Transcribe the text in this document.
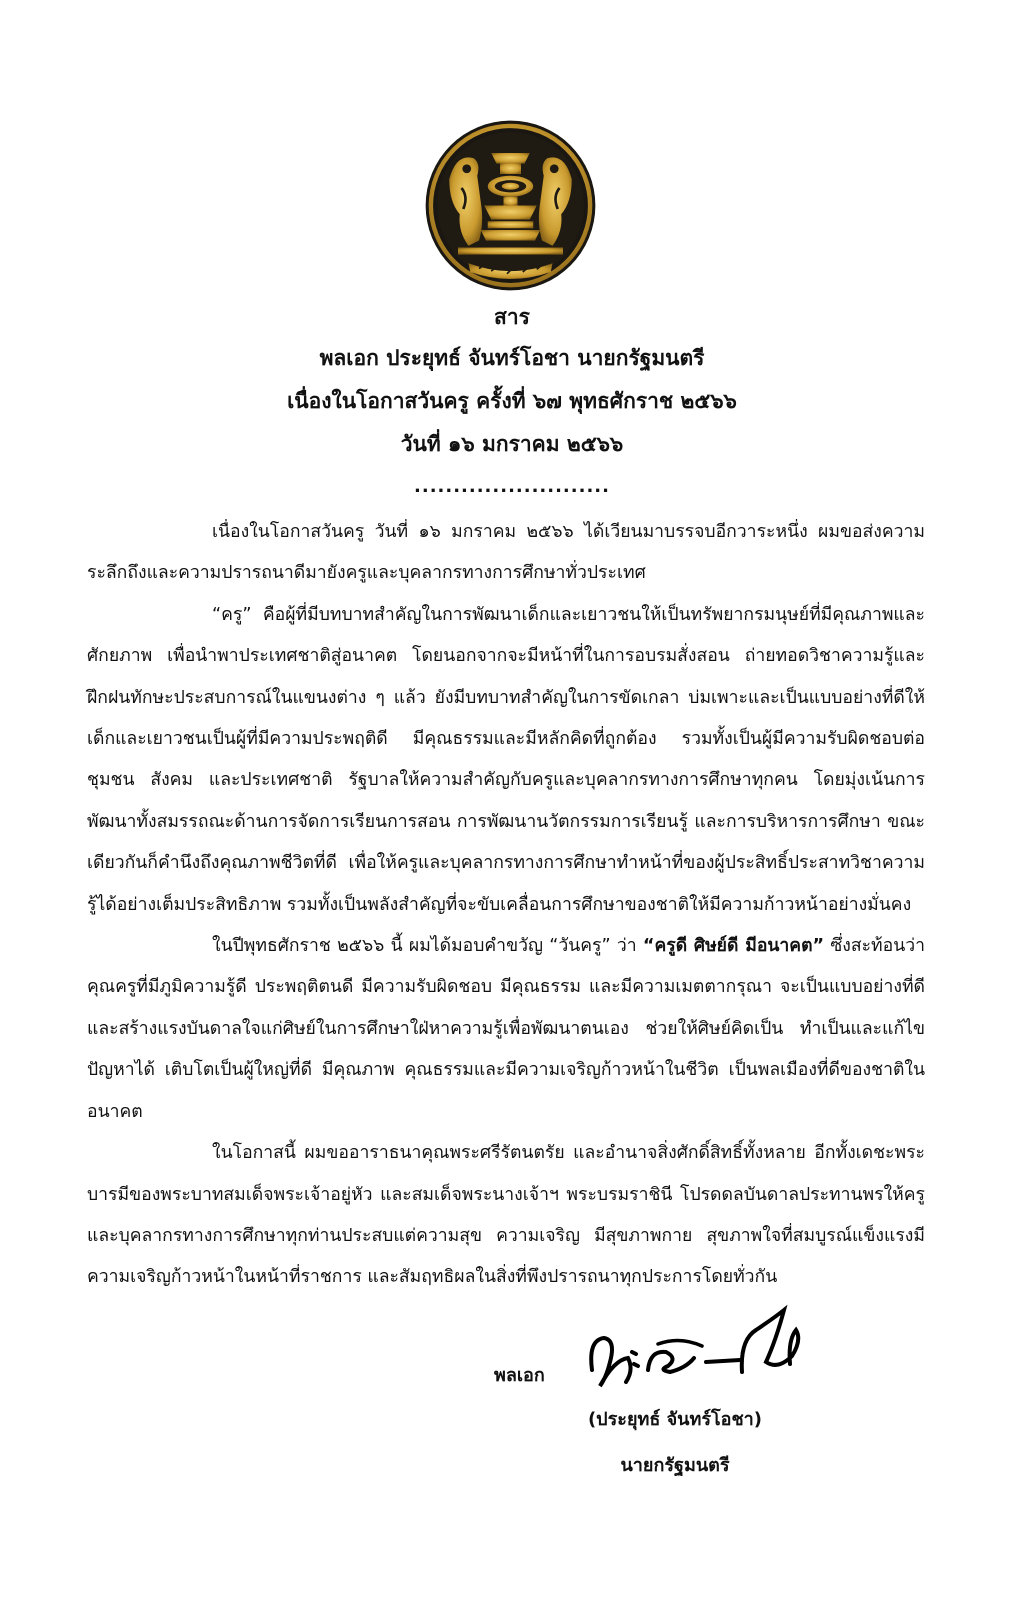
สาร
พลเอก ประยุทธ์ จันทร์โอชา นายกรัฐมนตรี
เนื่องในโอกาสวันครู ครั้งที่ ๖๗ พุทธศักราช ๒๕๖๖
วันที่ ๑๖ มกราคม ๒๕๖๖
.........................

เนื่องในโอกาสวันครู วันที่ ๑๖ มกราคม ๒๕๖๖ ได้เวียนมาบรรจบอีกวาระหนึ่ง ผมขอส่งความระลึกถึงและความปรารถนาดีมายังครูและบุคลากรทางการศึกษาทั่วประเทศ

“ครู” คือผู้ที่มีบทบาทสำคัญในการพัฒนาเด็กและเยาวชนให้เป็นทรัพยากรมนุษย์ที่มีคุณภาพและศักยภาพ เพื่อนำพาประเทศชาติสู่อนาคต โดยนอกจากจะมีหน้าที่ในการอบรมสั่งสอน ถ่ายทอดวิชาความรู้และฝึกฝนทักษะประสบการณ์ในแขนงต่าง ๆ แล้ว ยังมีบทบาทสำคัญในการขัดเกลา บ่มเพาะและเป็นแบบอย่างที่ดีให้เด็กและเยาวชนเป็นผู้ที่มีความประพฤติดี มีคุณธรรมและมีหลักคิดที่ถูกต้อง รวมทั้งเป็นผู้มีความรับผิดชอบต่อชุมชน สังคม และประเทศชาติ รัฐบาลให้ความสำคัญกับครูและบุคลากรทางการศึกษาทุกคน โดยมุ่งเน้นการพัฒนาทั้งสมรรถณะด้านการจัดการเรียนการสอน การพัฒนานวัตกรรมการเรียนรู้ และการบริหารการศึกษา ขณะเดียวกันก็คำนึงถึงคุณภาพชีวิตที่ดี เพื่อให้ครูและบุคลากรทางการศึกษาทำหน้าที่ของผู้ประสิทธิ์ประสาทวิชาความรู้ได้อย่างเต็มประสิทธิภาพ รวมทั้งเป็นพลังสำคัญที่จะขับเคลื่อนการศึกษาของชาติให้มีความก้าวหน้าอย่างมั่นคง

ในปีพุทธศักราช ๒๕๖๖ นี้ ผมได้มอบคำขวัญ “วันครู” ว่า “ครูดี ศิษย์ดี มีอนาคต” ซึ่งสะท้อนว่าคุณครูที่มีภูมิความรู้ดี ประพฤติตนดี มีความรับผิดชอบ มีคุณธรรม และมีความเมตตากรุณา จะเป็นแบบอย่างที่ดีและสร้างแรงบันดาลใจแก่ศิษย์ในการศึกษาใฝ่หาความรู้เพื่อพัฒนาตนเอง ช่วยให้ศิษย์คิดเป็น ทำเป็นและแก้ไขปัญหาได้ เติบโตเป็นผู้ใหญ่ที่ดี มีคุณภาพ คุณธรรมและมีความเจริญก้าวหน้าในชีวิต เป็นพลเมืองที่ดีของชาติในอนาคต

ในโอกาสนี้ ผมขออาราธนาคุณพระศรีรัตนตรัย และอำนาจสิ่งศักดิ์สิทธิ์ทั้งหลาย อีกทั้งเดชะพระบารมีของพระบาทสมเด็จพระเจ้าอยู่หัว และสมเด็จพระนางเจ้าฯ พระบรมราชินี โปรดดลบันดาลประทานพรให้ครูและบุคลากรทางการศึกษาทุกท่านประสบแต่ความสุข ความเจริญ มีสุขภาพกาย สุขภาพใจที่สมบูรณ์แข็งแรงมีความเจริญก้าวหน้าในหน้าที่ราชการ และสัมฤทธิผลในสิ่งที่พึงปรารถนาทุกประการโดยทั่วกัน

พลเอก
(ประยุทธ์ จันทร์โอชา)
นายกรัฐมนตรี
